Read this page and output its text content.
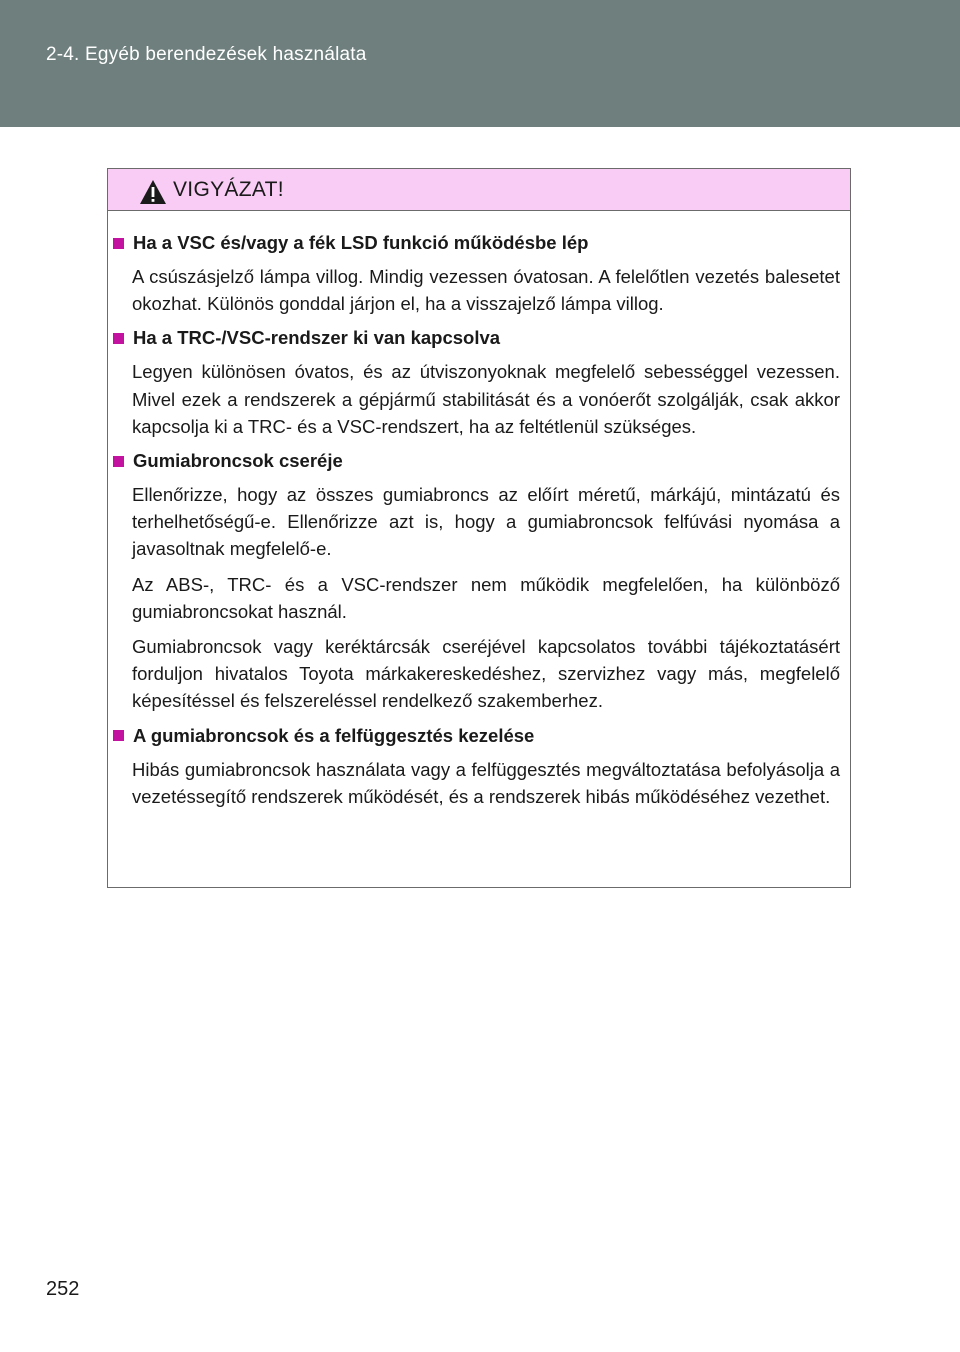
2-4. Egyéb berendezések használata
VIGYÁZAT!
Ha a VSC és/vagy a fék LSD funkció működésbe lép

A csúszásjelző lámpa villog. Mindig vezessen óvatosan. A felelőtlen vezetés balesetet okozhat. Különös gonddal járjon el, ha a visszajelző lámpa villog.

Ha a TRC-/VSC-rendszer ki van kapcsolva

Legyen különösen óvatos, és az útviszonyoknak megfelelő sebességgel vezessen. Mivel ezek a rendszerek a gépjármű stabilitását és a vonóerőt szolgálják, csak akkor kapcsolja ki a TRC- és a VSC-rendszert, ha az feltétlenül szükséges.

Gumiabroncsok cseréje

Ellenőrizze, hogy az összes gumiabroncs az előírt méretű, márkájú, mintázatú és terhelhetőségű-e. Ellenőrizze azt is, hogy a gumiabroncsok felfúvási nyomása a javasoltnak megfelelő-e.

Az ABS-, TRC- és a VSC-rendszer nem működik megfelelően, ha különböző gumiabroncsokat használ.

Gumiabroncsok vagy keréktárcsák cseréjével kapcsolatos további tájékoztatásért forduljon hivatalos Toyota márkakereskedéshez, szervizhez vagy más, megfelelő képesítéssel és felszereléssel rendelkező szakemberhez.

A gumiabroncsok és a felfüggesztés kezelése

Hibás gumiabroncsok használata vagy a felfüggesztés megváltoztatása befolyásolja a vezetéssegítő rendszerek működését, és a rendszerek hibás működéséhez vezethet.

252
